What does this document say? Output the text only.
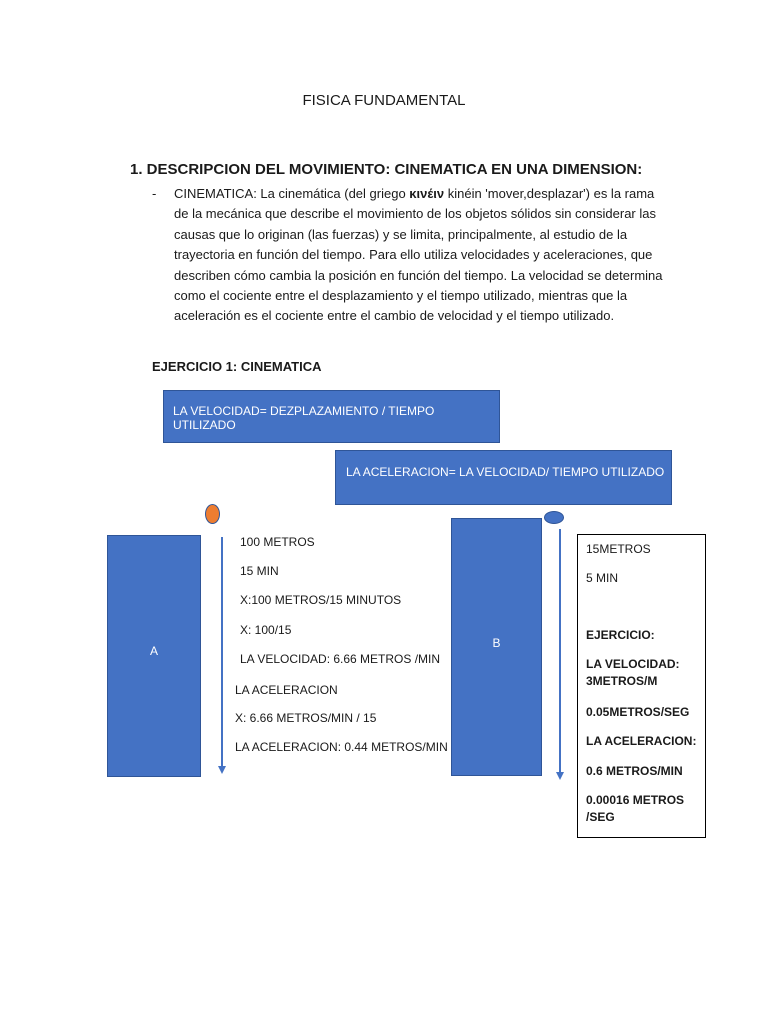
FISICA FUNDAMENTAL
1. DESCRIPCION DEL MOVIMIENTO: CINEMATICA EN UNA DIMENSION:
- CINEMATICA: La cinemática (del griego κινέιν kinéin 'mover,desplazar') es la rama de la mecánica que describe el movimiento de los objetos sólidos sin considerar las causas que lo originan (las fuerzas) y se limita, principalmente, al estudio de la trayectoria en función del tiempo. Para ello utiliza velocidades y aceleraciones, que describen cómo cambia la posición en función del tiempo. La velocidad se determina como el cociente entre el desplazamiento y el tiempo utilizado, mientras que la aceleración es el cociente entre el cambio de velocidad y el tiempo utilizado.
EJERCICIO 1: CINEMATICA
LA VELOCIDAD= DEZPLAZAMIENTO / TIEMPO UTILIZADO
LA ACELERACION= LA VELOCIDAD/ TIEMPO UTILIZADO
A
100 METROS
15 MIN
X:100 METROS/15 MINUTOS
X: 100/15
LA VELOCIDAD: 6.66 METROS /MIN
LA ACELERACION
X: 6.66 METROS/MIN / 15
LA ACELERACION: 0.44 METROS/MIN
B
15METROS
5 MIN
EJERCICIO:
LA VELOCIDAD: 3METROS/M
0.05METROS/SEG
LA ACELERACION:
0.6 METROS/MIN
0.00016 METROS /SEG
